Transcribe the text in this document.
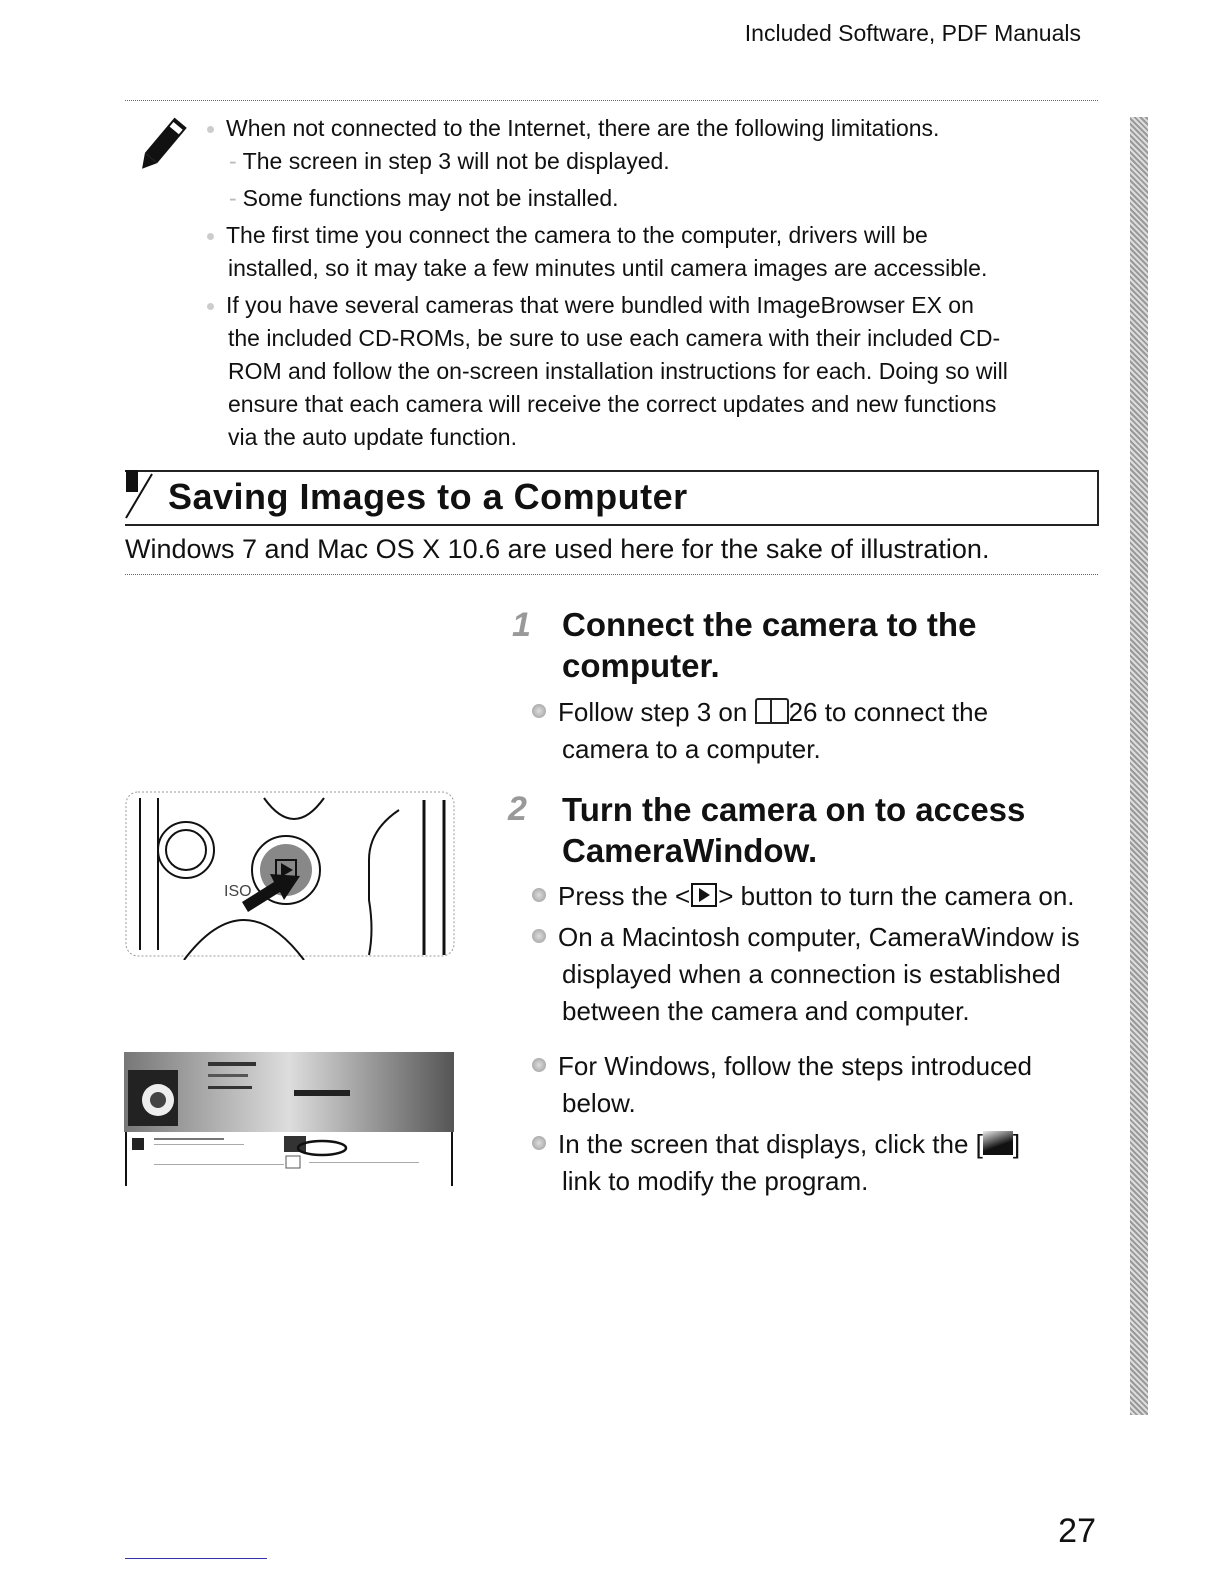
Included Software, PDF Manuals
When not connected to the Internet, there are the following limitations.
- The screen in step 3 will not be displayed.
- Some functions may not be installed.
The first time you connect the camera to the computer, drivers will be
installed, so it may take a few minutes until camera images are accessible.
If you have several cameras that were bundled with ImageBrowser EX on
the included CD-ROMs, be sure to use each camera with their included CD-
ROM and follow the on-screen installation instructions for each. Doing so will
ensure that each camera will receive the correct updates and new functions
via the auto update function.
Saving Images to a Computer
Windows 7 and Mac OS X 10.6 are used here for the sake of illustration.
1 Connect the camera to the
computer.
Follow step 3 on 26 to connect the
camera to a computer.
2 Turn the camera on to access
CameraWindow.
Press the < > button to turn the camera on.
On a Macintosh computer, CameraWindow is
displayed when a connection is established
between the camera and computer.
For Windows, follow the steps introduced
below.
In the screen that displays, click the [ ]
link to modify the program.
ISO
27
